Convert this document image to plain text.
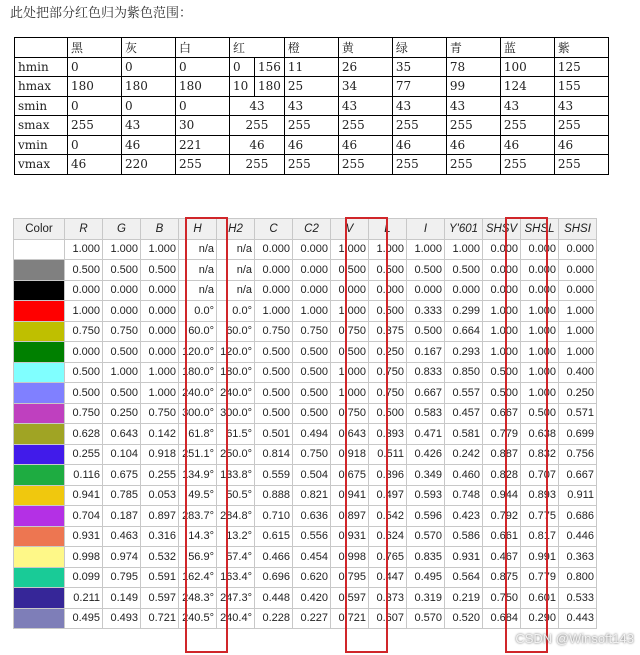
此处把部分红色归为紫色范围：
	黑	灰	白	红		橙	黄	绿	青	蓝	紫
hmin	0	0	0	0	156	11	26	35	78	100	125
hmax	180	180	180	10	180	25	34	77	99	124	155
smin	0	0	0	43		43	43	43	43	43	43
smax	255	43	30	255		255	255	255	255	255	255
vmin	0	46	221	46		46	46	46	46	46	46
vmax	46	220	255	255		255	255	255	255	255	255
Color	R	G	B	H	H2	C	C2	V	L	I	Y'601	SHSV	SHSL	SHSI
	1.000	1.000	1.000	n/a	n/a	0.000	0.000	1.000	1.000	1.000	1.000	0.000	0.000	0.000
	0.500	0.500	0.500	n/a	n/a	0.000	0.000	0.500	0.500	0.500	0.500	0.000	0.000	0.000
	0.000	0.000	0.000	n/a	n/a	0.000	0.000	0.000	0.000	0.000	0.000	0.000	0.000	0.000
	1.000	0.000	0.000	0.0°	0.0°	1.000	1.000	1.000	0.500	0.333	0.299	1.000	1.000	1.000
	0.750	0.750	0.000	60.0°	60.0°	0.750	0.750	0.750	0.375	0.500	0.664	1.000	1.000	1.000
	0.000	0.500	0.000	120.0°	120.0°	0.500	0.500	0.500	0.250	0.167	0.293	1.000	1.000	1.000
	0.500	1.000	1.000	180.0°	180.0°	0.500	0.500	1.000	0.750	0.833	0.850	0.500	1.000	0.400
	0.500	0.500	1.000	240.0°	240.0°	0.500	0.500	1.000	0.750	0.667	0.557	0.500	1.000	0.250
	0.750	0.250	0.750	300.0°	300.0°	0.500	0.500	0.750	0.500	0.583	0.457	0.667	0.500	0.571
	0.628	0.643	0.142	61.8°	61.5°	0.501	0.494	0.643	0.393	0.471	0.581	0.779	0.638	0.699
	0.255	0.104	0.918	251.1°	250.0°	0.814	0.750	0.918	0.511	0.426	0.242	0.887	0.832	0.756
	0.116	0.675	0.255	134.9°	133.8°	0.559	0.504	0.675	0.396	0.349	0.460	0.828	0.707	0.667
	0.941	0.785	0.053	49.5°	50.5°	0.888	0.821	0.941	0.497	0.593	0.748	0.944	0.893	0.911
	0.704	0.187	0.897	283.7°	284.8°	0.710	0.636	0.897	0.542	0.596	0.423	0.792	0.775	0.686
	0.931	0.463	0.316	14.3°	13.2°	0.615	0.556	0.931	0.624	0.570	0.586	0.661	0.817	0.446
	0.998	0.974	0.532	56.9°	57.4°	0.466	0.454	0.998	0.765	0.835	0.931	0.467	0.991	0.363
	0.099	0.795	0.591	162.4°	163.4°	0.696	0.620	0.795	0.447	0.495	0.564	0.875	0.779	0.800
	0.211	0.149	0.597	248.3°	247.3°	0.448	0.420	0.597	0.373	0.319	0.219	0.750	0.601	0.533
	0.495	0.493	0.721	240.5°	240.4°	0.228	0.227	0.721	0.607	0.570	0.520	0.684	0.290	0.443
CSDN @Winsoft143
